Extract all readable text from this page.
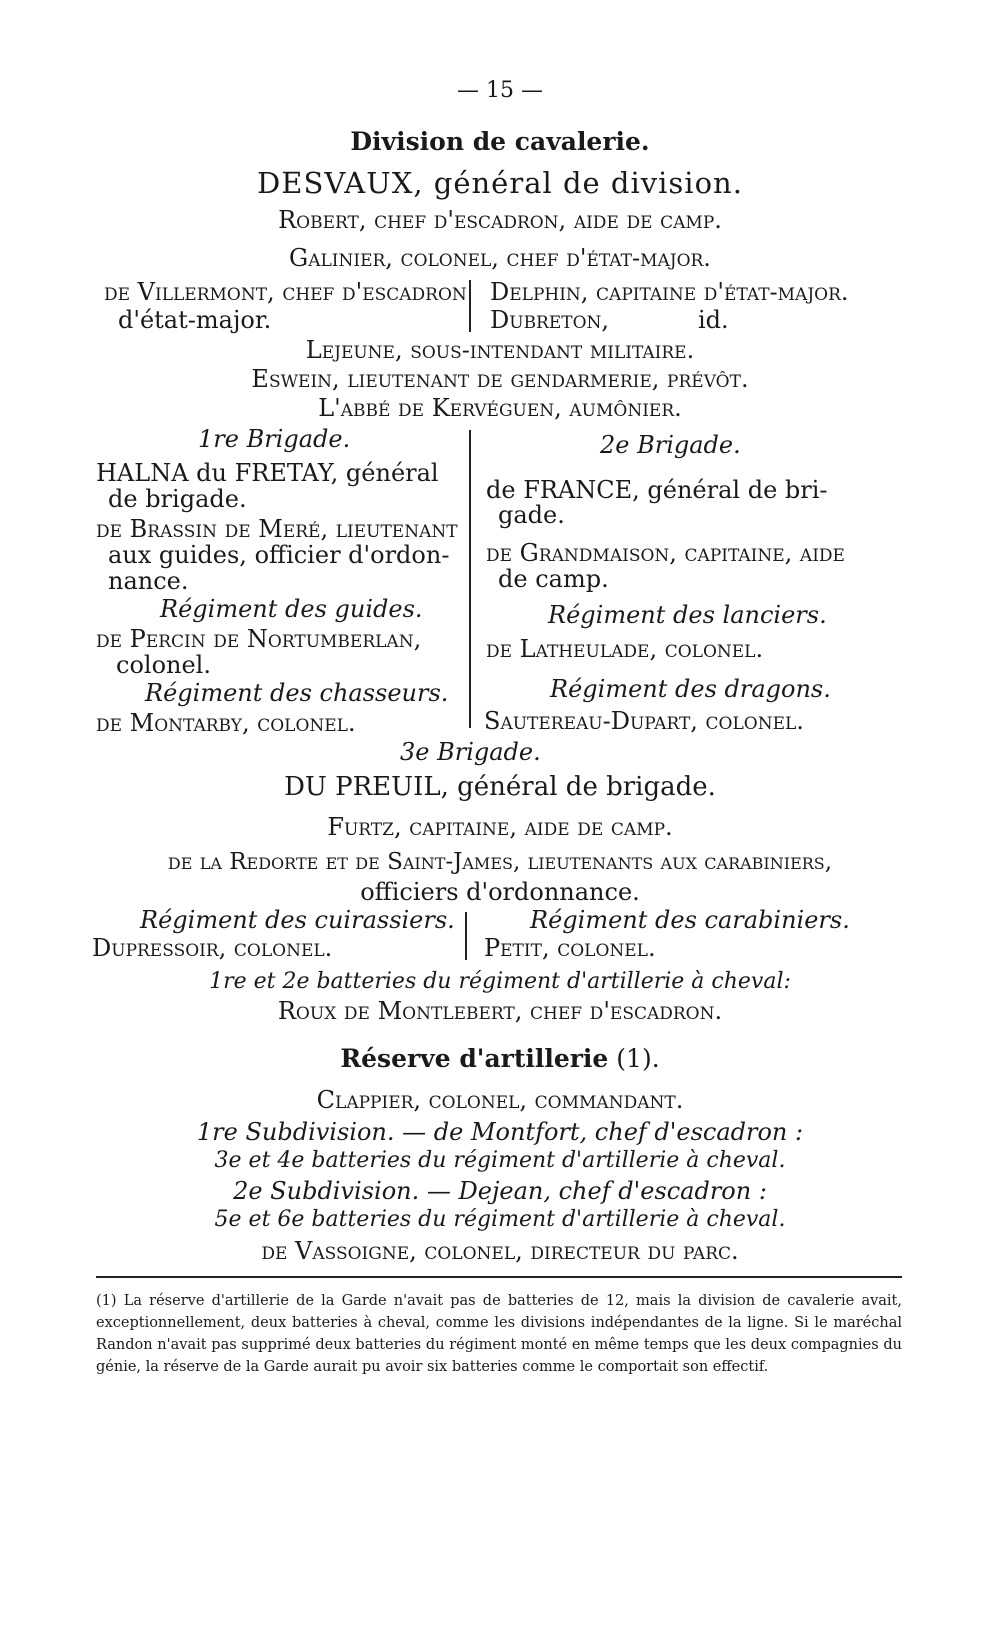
— 15 —
Division de cavalerie.
DESVAUX, général de division.
Robert, chef d'escadron, aide de camp.
Galinier, colonel, chef d'état-major.
de Villermont, chef d'escadron
d'état-major.
Delphin, capitaine d'état-major.
Dubreton,	id.
Lejeune, sous-intendant militaire.
Eswein, lieutenant de gendarmerie, prévôt.
L'abbé de Kervéguen, aumônier.
1re Brigade.
HALNA du FRETAY, général
de brigade.
de Brassin de Meré, lieutenant
aux guides, officier d'ordon-
nance.
Régiment des guides.
de Percin de Nortumberlan,
colonel.
Régiment des chasseurs.
de Montarby, colonel.
2e Brigade.
de FRANCE, général de bri-
gade.
de Grandmaison, capitaine, aide
de camp.
Régiment des lanciers.
de Latheulade, colonel.
Régiment des dragons.
Sautereau-Dupart, colonel.
3e Brigade.
DU PREUIL, général de brigade.
Furtz, capitaine, aide de camp.
de la Redorte et de Saint-James, lieutenants aux carabiniers,
officiers d'ordonnance.
Régiment des cuirassiers.
Dupressoir, colonel.
Régiment des carabiniers.
Petit, colonel.
1re et 2e batteries du régiment d'artillerie à cheval:
Roux de Montlebert, chef d'escadron.
Réserve d'artillerie (1).
Clappier, colonel, commandant.
1re Subdivision. — de Montfort, chef d'escadron :
3e et 4e batteries du régiment d'artillerie à cheval.
2e Subdivision. — Dejean, chef d'escadron :
5e et 6e batteries du régiment d'artillerie à cheval.
de Vassoigne, colonel, directeur du parc.
(1) La réserve d'artillerie de la Garde n'avait pas de batteries de 12, mais la division de cavalerie avait, exceptionnellement, deux batteries à cheval, comme les divisions indépendantes de la ligne. Si le maréchal Randon n'avait pas supprimé deux batteries du régiment monté en même temps que les deux compagnies du génie, la réserve de la Garde aurait pu avoir six batteries comme le comportait son effectif.
